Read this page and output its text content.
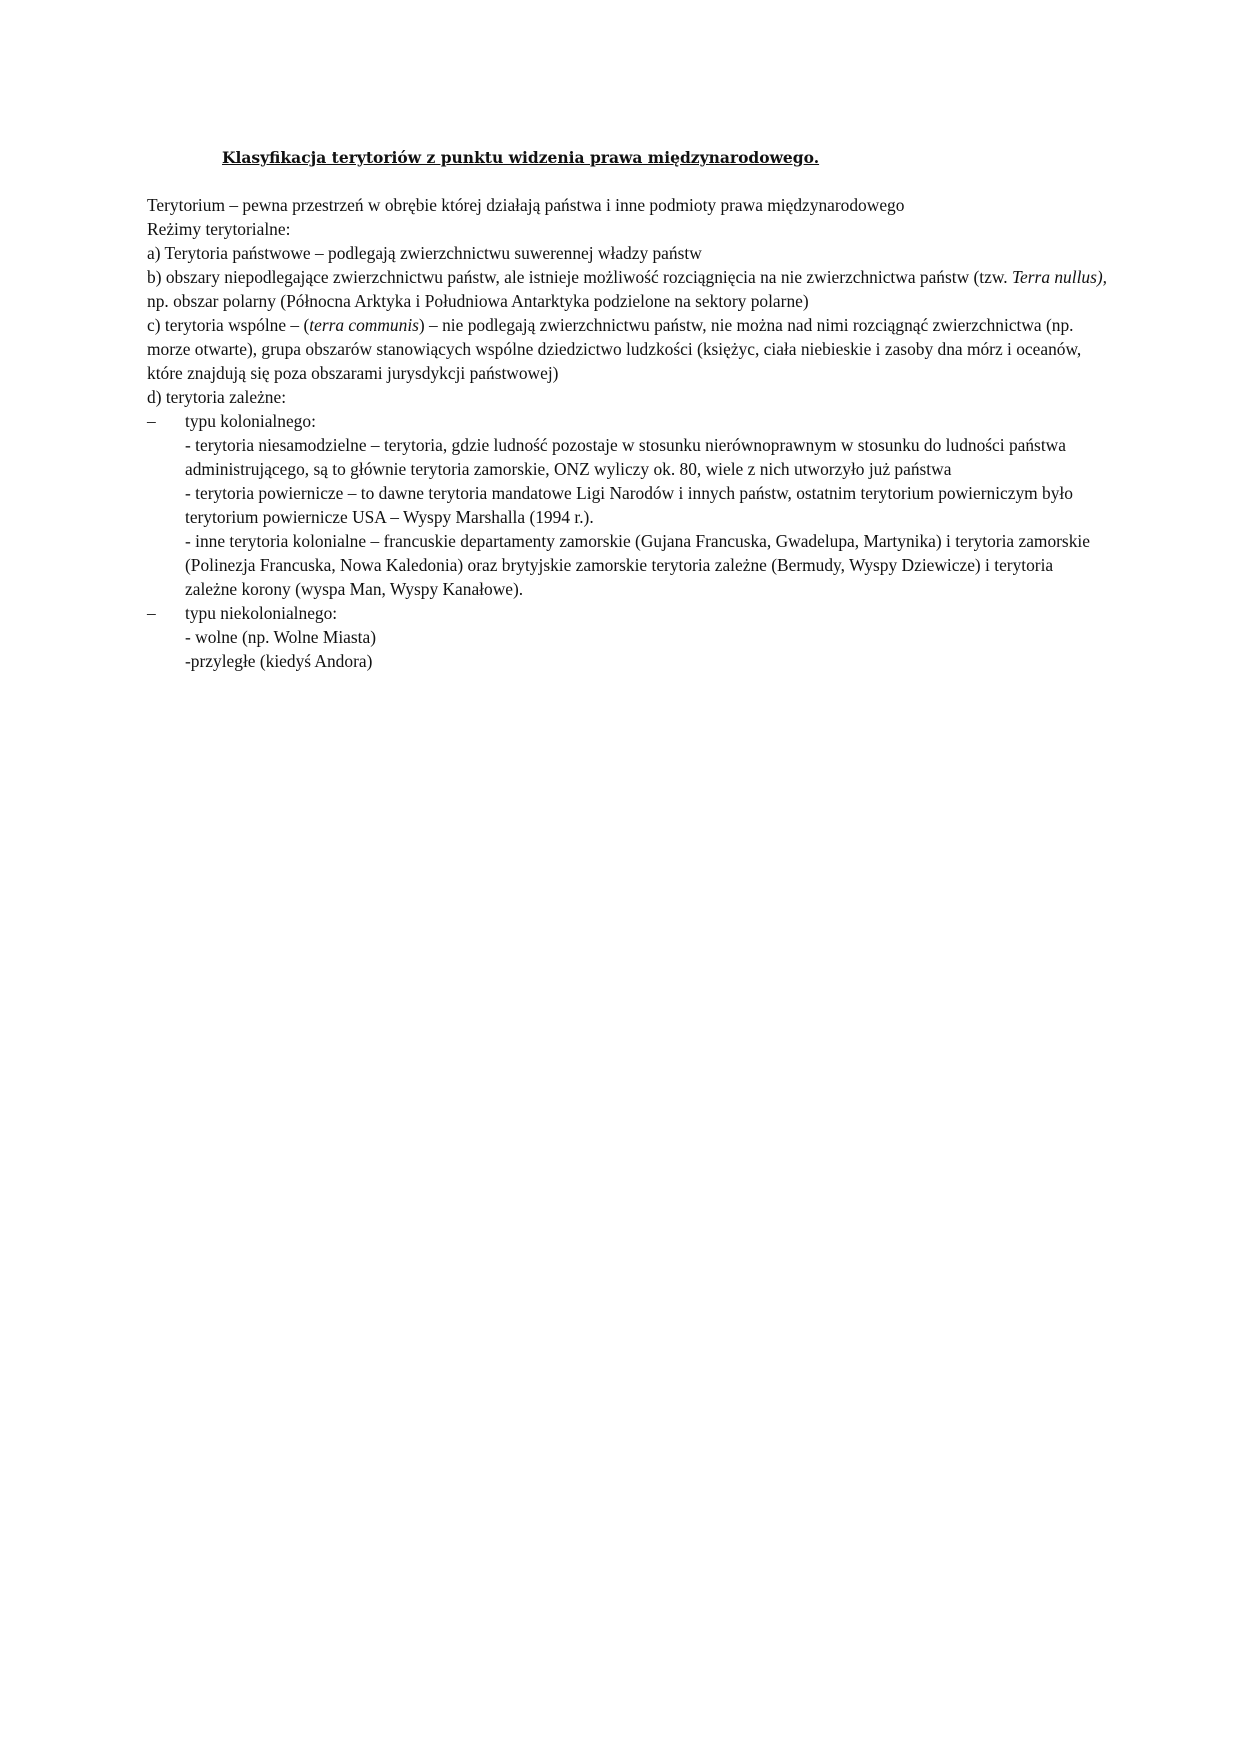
Klasyfikacja terytoriów z punktu widzenia prawa międzynarodowego.

Terytorium – pewna przestrzeń w obrębie której działają państwa i inne podmioty prawa międzynarodowego

Reżimy terytorialne:

a) Terytoria państwowe – podlegają zwierzchnictwu suwerennej władzy państw

b) obszary niepodlegające zwierzchnictwu państw, ale istnieje możliwość rozciągnięcia na nie zwierzchnictwa państw (tzw. Terra nullus), np. obszar polarny (Północna Arktyka i Południowa Antarktyka podzielone na sektory polarne)

c) terytoria wspólne – (terra communis) – nie podlegają zwierzchnictwu państw, nie można nad nimi rozciągnąć zwierzchnictwa (np. morze otwarte), grupa obszarów stanowiących wspólne dziedzictwo ludzkości (księżyc, ciała niebieskie i zasoby dna mórz i oceanów, które znajdują się poza obszarami jurysdykcji państwowej)

d) terytoria zależne:

– typu kolonialnego:

- terytoria niesamodzielne – terytoria, gdzie ludność pozostaje w stosunku nierównoprawnym w stosunku do ludności państwa administrującego, są to głównie terytoria zamorskie, ONZ wyliczy ok. 80, wiele z nich utworzyło już państwa

- terytoria powiernicze – to dawne terytoria mandatowe Ligi Narodów i innych państw, ostatnim terytorium powierniczym było terytorium powiernicze USA – Wyspy Marshalla (1994 r.).

- inne terytoria kolonialne – francuskie departamenty zamorskie (Gujana Francuska, Gwadelupa, Martynika) i terytoria zamorskie (Polinezja Francuska, Nowa Kaledonia) oraz brytyjskie zamorskie terytoria zależne (Bermudy, Wyspy Dziewicze) i terytoria zależne korony (wyspa Man, Wyspy Kanałowe).

– typu niekolonialnego:

- wolne (np. Wolne Miasta)

-przyległe (kiedyś Andora)
